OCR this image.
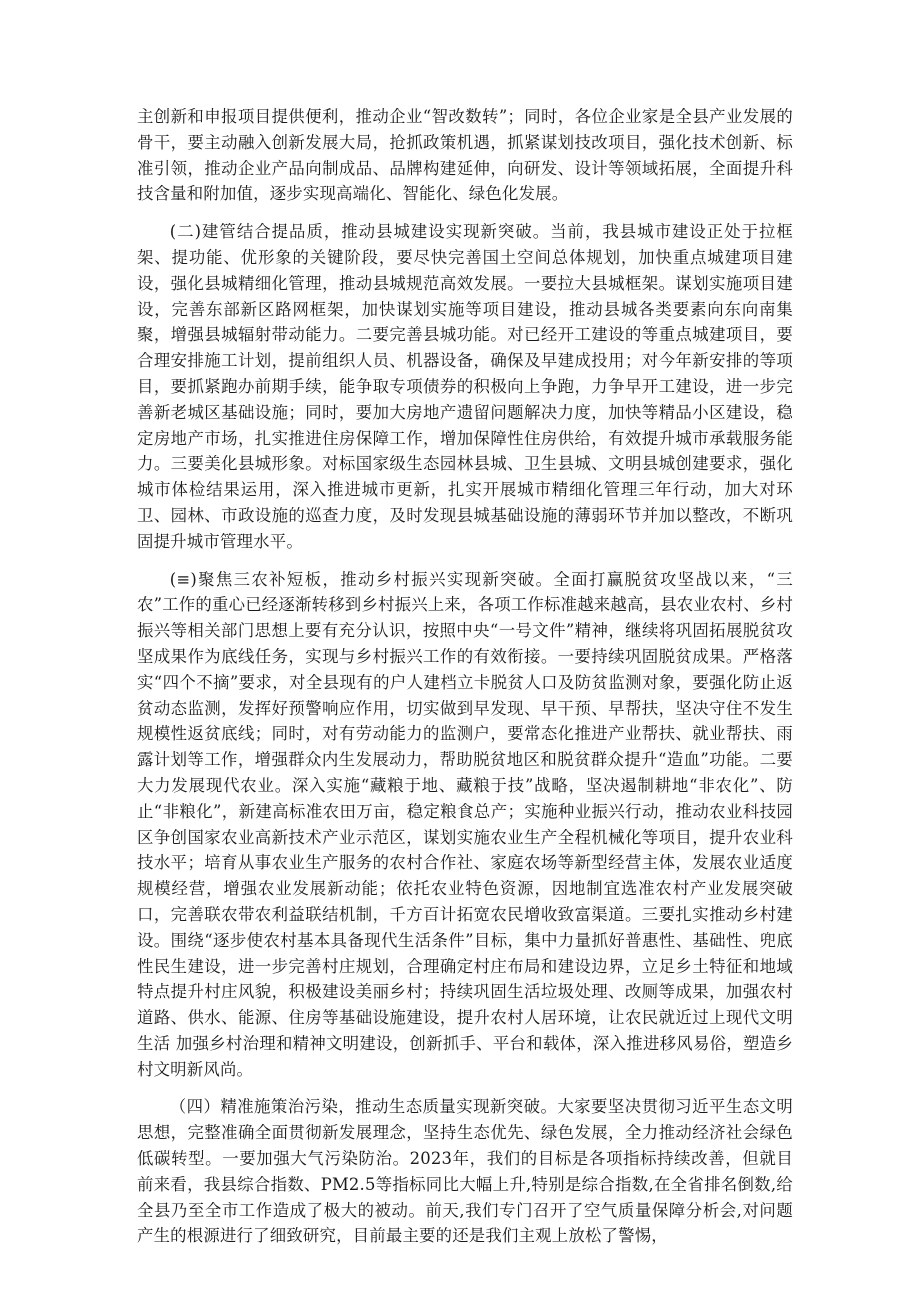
主创新和申报项目提供便利，推动企业“智改数转”；同时，各位企业家是全县产业发展的骨干，要主动融入创新发展大局，抢抓政策机遇，抓紧谋划技改项目，强化技术创新、标准引领，推动企业产品向制成品、品牌构建延伸，向研发、设计等领域拓展，全面提升科技含量和附加值，逐步实现高端化、智能化、绿色化发展。

(二)建管结合提品质，推动县城建设实现新突破。当前，我县城市建设正处于拉框架、提功能、优形象的关键阶段，要尽快完善国土空间总体规划，加快重点城建项目建设，强化县城精细化管理，推动县城规范高效发展。一要拉大县城框架。谋划实施项目建设，完善东部新区路网框架，加快谋划实施等项目建设，推动县城各类要素向东向南集聚，增强县城辐射带动能力。二要完善县城功能。对已经开工建设的等重点城建项目，要合理安排施工计划，提前组织人员、机器设备，确保及早建成投用；对今年新安排的等项目，要抓紧跑办前期手续，能争取专项债券的积极向上争跑，力争早开工建设，进一步完善新老城区基础设施；同时，要加大房地产遗留问题解决力度，加快等精品小区建设，稳定房地产市场，扎实推进住房保障工作，增加保障性住房供给，有效提升城市承载服务能力。三要美化县城形象。对标国家级生态园林县城、卫生县城、文明县城创建要求，强化城市体检结果运用，深入推进城市更新，扎实开展城市精细化管理三年行动，加大对环卫、园林、市政设施的巡查力度，及时发现县城基础设施的薄弱环节并加以整改，不断巩固提升城市管理水平。

(≡)聚焦三农补短板，推动乡村振兴实现新突破。全面打赢脱贫攻坚战以来，“三农”工作的重心已经逐渐转移到乡村振兴上来，各项工作标准越来越高，县农业农村、乡村振兴等相关部门思想上要有充分认识，按照中央“一号文件”精神，继续将巩固拓展脱贫攻坚成果作为底线任务，实现与乡村振兴工作的有效衔接。一要持续巩固脱贫成果。严格落实“四个不摘”要求，对全县现有的户人建档立卡脱贫人口及防贫监测对象，要强化防止返贫动态监测，发挥好预警响应作用，切实做到早发现、早干预、早帮扶，坚决守住不发生规模性返贫底线；同时，对有劳动能力的监测户，要常态化推进产业帮扶、就业帮扶、雨露计划等工作，增强群众内生发展动力，帮助脱贫地区和脱贫群众提升“造血”功能。二要大力发展现代农业。深入实施“藏粮于地、藏粮于技”战略，坚决遏制耕地“非农化”、防止“非粮化”，新建高标准农田万亩，稳定粮食总产；实施种业振兴行动，推动农业科技园区争创国家农业高新技术产业示范区，谋划实施农业生产全程机械化等项目，提升农业科技水平；培育从事农业生产服务的农村合作社、家庭农场等新型经营主体，发展农业适度规模经营，增强农业发展新动能；依托农业特色资源，因地制宜选准农村产业发展突破口，完善联农带农利益联结机制，千方百计拓宽农民增收致富渠道。三要扎实推动乡村建设。围绕“逐步使农村基本具备现代生活条件”目标，集中力量抓好普惠性、基础性、兜底性民生建设，进一步完善村庄规划，合理确定村庄布局和建设边界，立足乡土特征和地域特点提升村庄风貌，积极建设美丽乡村；持续巩固生活垃圾处理、改厕等成果，加强农村道路、供水、能源、住房等基础设施建设，提升农村人居环境，让农民就近过上现代文明生活 加强乡村治理和精神文明建设，创新抓手、平台和载体，深入推进移风易俗，塑造乡村文明新风尚。

（四）精准施策治污染，推动生态质量实现新突破。大家要坚决贯彻习近平生态文明思想，完整准确全面贯彻新发展理念，坚持生态优先、绿色发展，全力推动经济社会绿色低碳转型。一要加强大气污染防治。2023年，我们的目标是各项指标持续改善，但就目前来看，我县综合指数、PM2.5等指标同比大幅上升,特别是综合指数,在全省排名倒数,给全县乃至全市工作造成了极大的被动。前天,我们专门召开了空气质量保障分析会,对问题产生的根源进行了细致研究，目前最主要的还是我们主观上放松了警惕，
